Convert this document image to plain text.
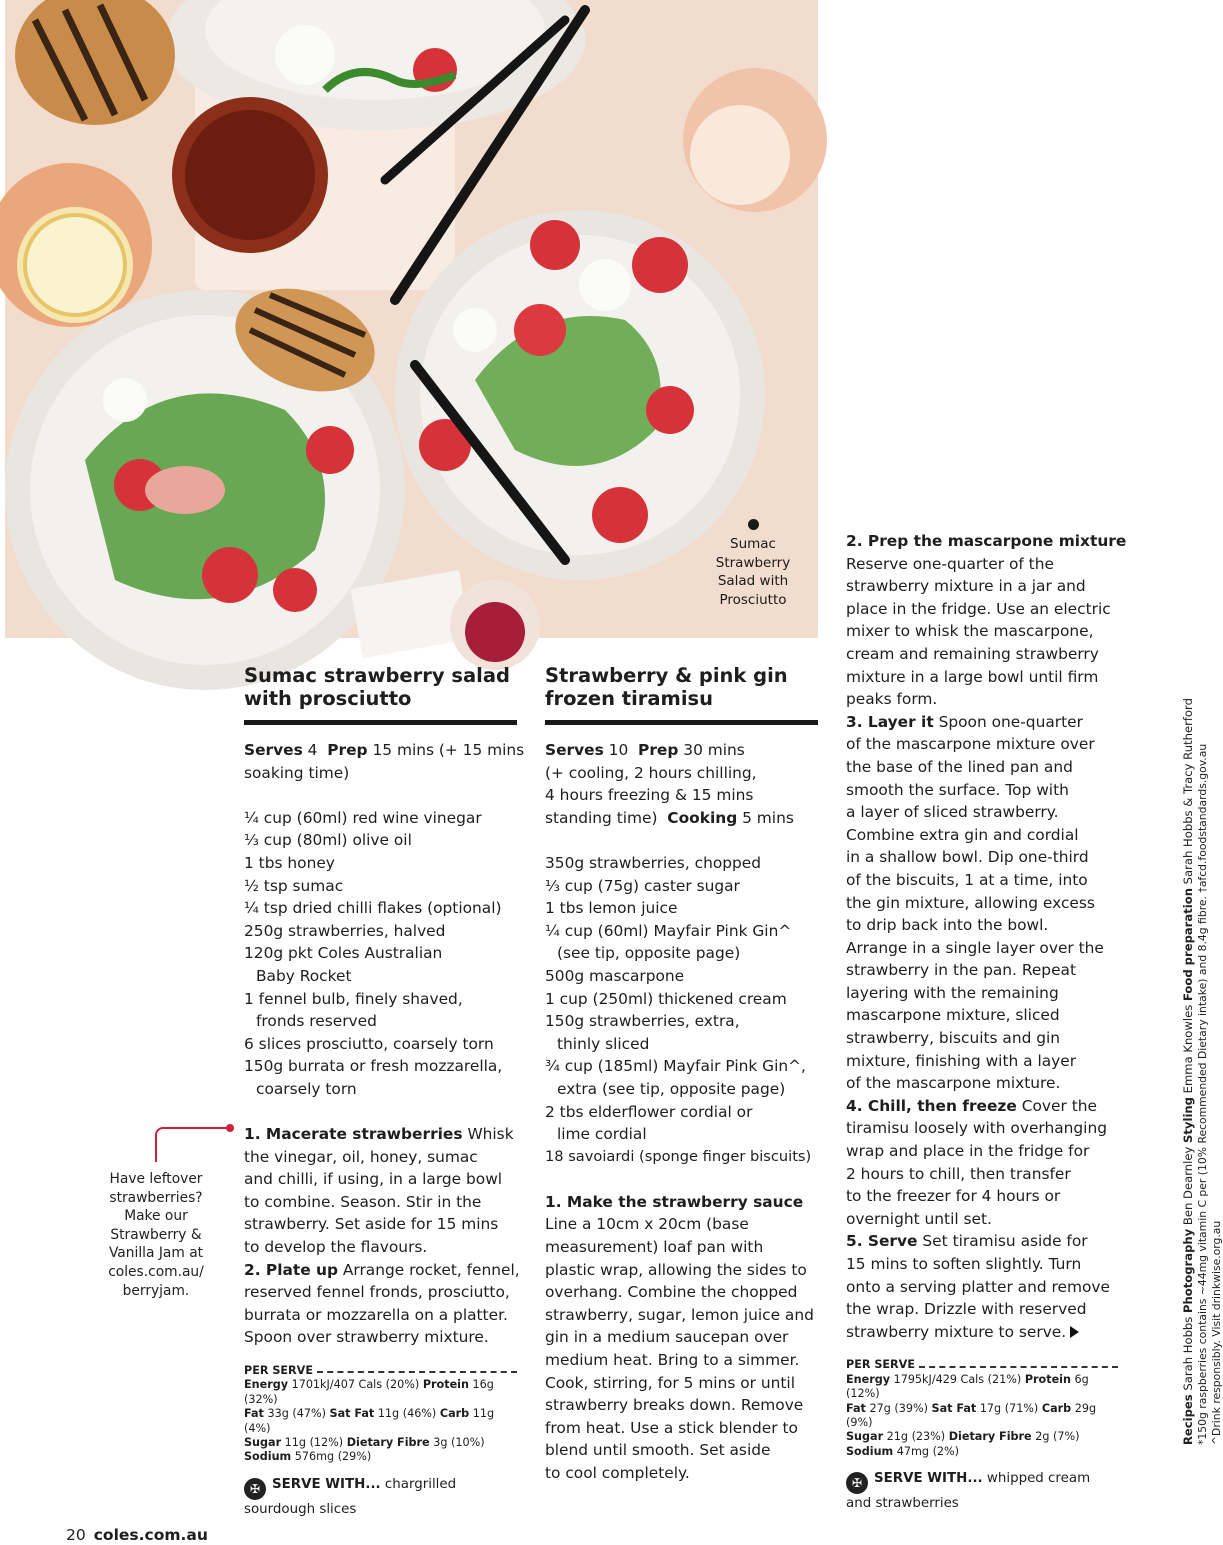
Sumac
Strawberry
Salad with
Prosciutto
Sumac strawberry salad
with prosciutto
Serves 4 Prep 15 mins (+ 15 mins
soaking time)
¼ cup (60ml) red wine vinegar
⅓ cup (80ml) olive oil
1 tbs honey
½ tsp sumac
¼ tsp dried chilli flakes (optional)
250g strawberries, halved
120g pkt Coles Australian
Baby Rocket
1 fennel bulb, finely shaved,
fronds reserved
6 slices prosciutto, coarsely torn
150g burrata or fresh mozzarella,
coarsely torn
1. Macerate strawberries Whisk
the vinegar, oil, honey, sumac
and chilli, if using, in a large bowl
to combine. Season. Stir in the
strawberry. Set aside for 15 mins
to develop the flavours.
2. Plate up Arrange rocket, fennel,
reserved fennel fronds, prosciutto,
burrata or mozzarella on a platter.
Spoon over strawberry mixture.
PER SERVE
Energy 1701kJ/407 Cals (20%) Protein 16g (32%)
Fat 33g (47%) Sat Fat 11g (46%) Carb 11g (4%)
Sugar 11g (12%) Dietary Fibre 3g (10%)
Sodium 576mg (29%)
✠ SERVE WITH... chargrilled
sourdough slices
Strawberry & pink gin
frozen tiramisu
Serves 10 Prep 30 mins
(+ cooling, 2 hours chilling,
4 hours freezing & 15 mins
standing time) Cooking 5 mins
350g strawberries, chopped
⅓ cup (75g) caster sugar
1 tbs lemon juice
¼ cup (60ml) Mayfair Pink Gin^
(see tip, opposite page)
500g mascarpone
1 cup (250ml) thickened cream
150g strawberries, extra,
thinly sliced
¾ cup (185ml) Mayfair Pink Gin^,
extra (see tip, opposite page)
2 tbs elderflower cordial or
lime cordial
18 savoiardi (sponge finger biscuits)
1. Make the strawberry sauce
Line a 10cm x 20cm (base
measurement) loaf pan with
plastic wrap, allowing the sides to
overhang. Combine the chopped
strawberry, sugar, lemon juice and
gin in a medium saucepan over
medium heat. Bring to a simmer.
Cook, stirring, for 5 mins or until
strawberry breaks down. Remove
from heat. Use a stick blender to
blend until smooth. Set aside
to cool completely.
2. Prep the mascarpone mixture
Reserve one-quarter of the
strawberry mixture in a jar and
place in the fridge. Use an electric
mixer to whisk the mascarpone,
cream and remaining strawberry
mixture in a large bowl until firm
peaks form.
3. Layer it Spoon one-quarter
of the mascarpone mixture over
the base of the lined pan and
smooth the surface. Top with
a layer of sliced strawberry.
Combine extra gin and cordial
in a shallow bowl. Dip one-third
of the biscuits, 1 at a time, into
the gin mixture, allowing excess
to drip back into the bowl.
Arrange in a single layer over the
strawberry in the pan. Repeat
layering with the remaining
mascarpone mixture, sliced
strawberry, biscuits and gin
mixture, finishing with a layer
of the mascarpone mixture.
4. Chill, then freeze Cover the
tiramisu loosely with overhanging
wrap and place in the fridge for
2 hours to chill, then transfer
to the freezer for 4 hours or
overnight until set.
5. Serve Set tiramisu aside for
15 mins to soften slightly. Turn
onto a serving platter and remove
the wrap. Drizzle with reserved
strawberry mixture to serve.
PER SERVE
Energy 1795kJ/429 Cals (21%) Protein 6g (12%)
Fat 27g (39%) Sat Fat 17g (71%) Carb 29g (9%)
Sugar 21g (23%) Dietary Fibre 2g (7%)
Sodium 47mg (2%)
✠ SERVE WITH... whipped cream
and strawberries
Have leftover
strawberries?
Make our
Strawberry &
Vanilla Jam at
coles.com.au/
berryjam.
Recipes Sarah Hobbs Photography Ben Dearnley Styling Emma Knowles Food preparation Sarah Hobbs & Tracy Rutherford *150g raspberries contains ~44mg vitamin C per (10% Recommended Dietary intake) and 8.4g fibre. †afcd.foodstandards.gov.au ^Drink responsibly. Visit drinkwise.org.au
20 coles.com.au
